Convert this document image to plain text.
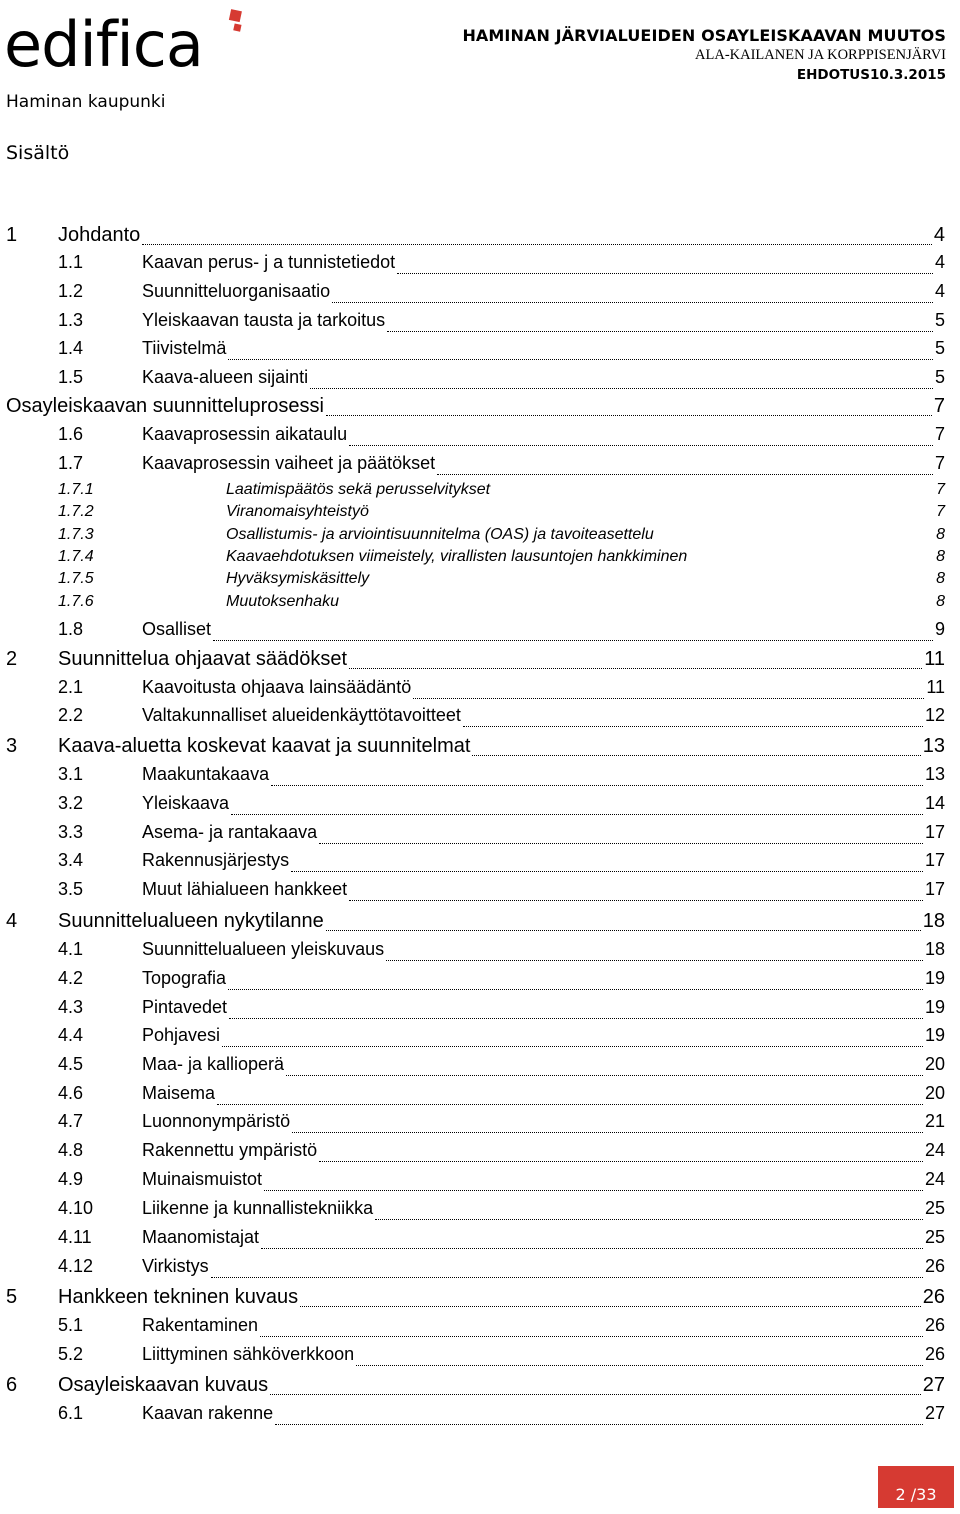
edifica
Haminan kaupunki
HAMINAN JÄRVIALUEIDEN OSAYLEISKAAVAN MUUTOS
ALA-KAILANEN JA KORPPISENJÄRVI
EHDOTUS10.3.2015
Sisältö
1 Johdanto	4
1.1	Kaavan perus- j a tunnistetiedot	4
1.2	Suunnitteluorganisaatio	4
1.3	Yleiskaavan tausta ja tarkoitus	5
1.4	Tiivistelmä	5
1.5	Kaava-alueen sijainti	5
Osayleiskaavan suunnitteluprosessi	7
1.6	Kaavaprosessin aikataulu	7
1.7	Kaavaprosessin vaiheet ja päätökset	7
1.7.1	Laatimispäätös sekä perusselvitykset	7
1.7.2	Viranomaisyhteistyö	7
1.7.3	Osallistumis- ja arviointisuunnitelma (OAS) ja tavoiteasettelu	8
1.7.4	Kaavaehdotuksen viimeistely, virallisten lausuntojen hankkiminen	8
1.7.5	Hyväksymiskäsittely	8
1.7.6	Muutoksenhaku	8
1.8	Osalliset	9
2 Suunnittelua ohjaavat säädökset	11
2.1	Kaavoitusta ohjaava lainsäädäntö	11
2.2	Valtakunnalliset alueidenkäyttötavoitteet	12
3 Kaava-aluetta koskevat kaavat ja suunnitelmat	13
3.1	Maakuntakaava	13
3.2	Yleiskaava	14
3.3	Asema- ja rantakaava	17
3.4	Rakennusjärjestys	17
3.5	Muut lähialueen hankkeet	17
4 Suunnittelualueen nykytilanne	18
4.1	Suunnittelualueen yleiskuvaus	18
4.2	Topografia	19
4.3	Pintavedet	19
4.4	Pohjavesi	19
4.5	Maa- ja kallioperä	20
4.6	Maisema	20
4.7	Luonnonympäristö	21
4.8	Rakennettu ympäristö	24
4.9	Muinaismuistot	24
4.10	Liikenne ja kunnallistekniikka	25
4.11	Maanomistajat	25
4.12	Virkistys	26
5 Hankkeen tekninen kuvaus	26
5.1	Rakentaminen	26
5.2	Liittyminen sähköverkkoon	26
6 Osayleiskaavan kuvaus	27
6.1	Kaavan rakenne	27
2 /33
